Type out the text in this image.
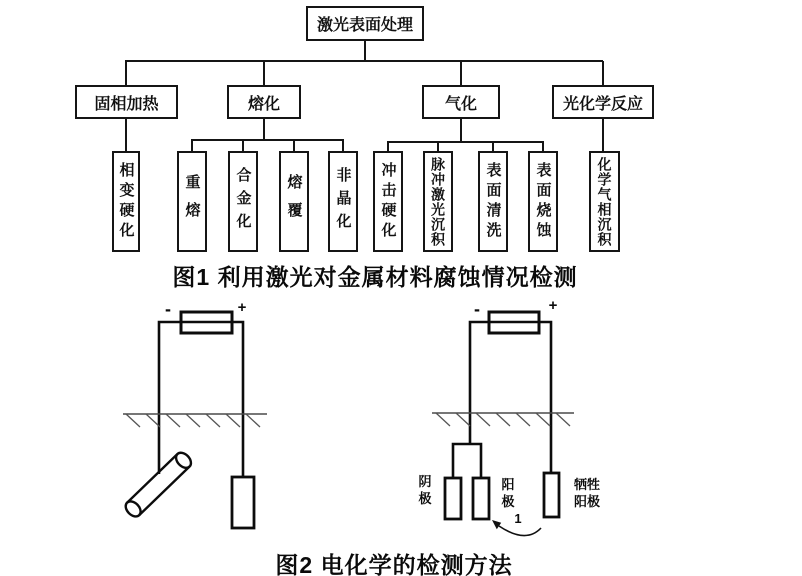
激光表面处理
固相加热	熔化	气化	光化学反应
相变硬化	重熔	合金化	熔覆	非晶化	冲击硬化	脉冲激光沉积	表面清洗	表面烧蚀	化学气相沉积
图1 利用激光对金属材料腐蚀情况检测
-	+	-	+
阴极
阳极
1
牺牲阳极
图2 电化学的检测方法
